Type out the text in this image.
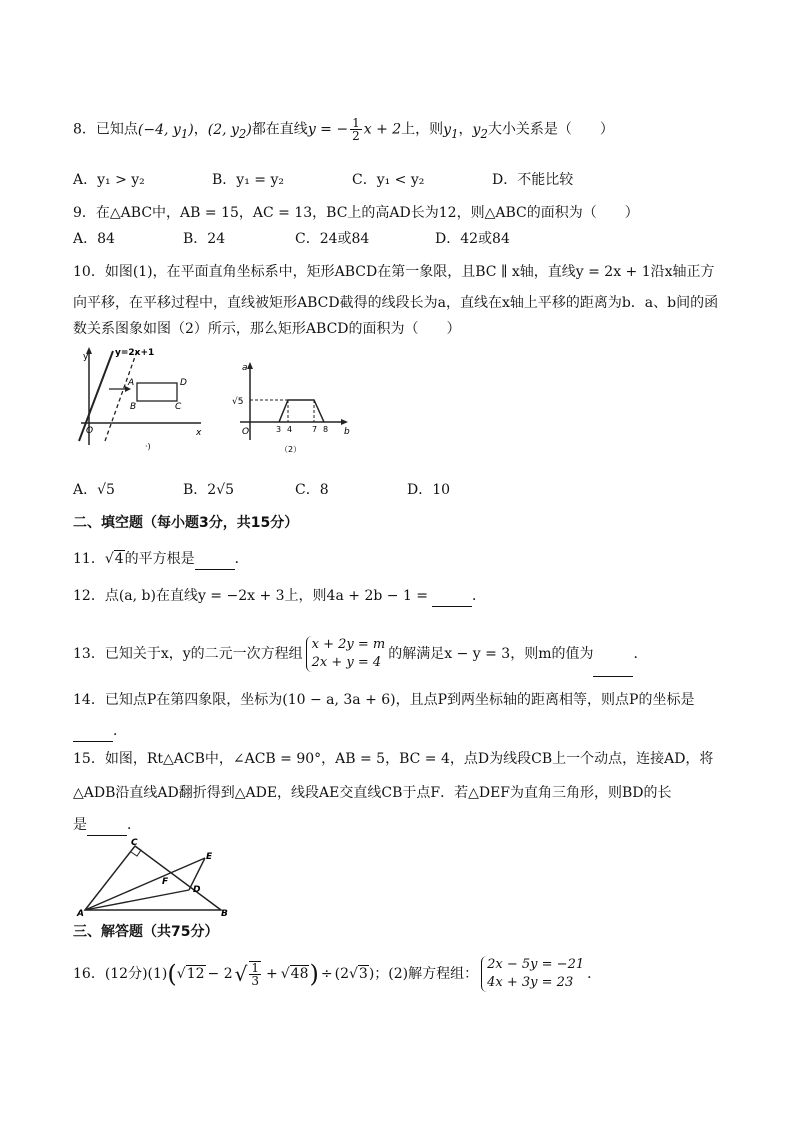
8．已知点(−4, $y_1$)，(2, $y_2$)都在直线y = − $\frac{1}{2}$ x + 2上，则$y_1$，$y_2$大小关系是（　　）
A．y₁ > y₂	B．y₁ = y₂	C．y₁ < y₂	D．不能比较
9．在△ABC中，AB = 15，AC = 13，BC上的高AD长为12，则△ABC的面积为（　　）
A．84	B．24	C．24或84	D．42或84
10．如图(1)，在平面直角坐标系中，矩形ABCD在第一象限，且BC ∥ x轴，直线y = 2x + 1沿x轴正方
向平移，在平移过程中，直线被矩形ABCD截得的线段长为a，直线在x轴上平移的距离为b．a、b间的函
数关系图象如图（2）所示，那么矩形ABCD的面积为（　　）
y=2x+1
y
A	D
B	C
O	x
·)
a
√5
O	3 4 7 8 b
（2）
A．√5	B．2√5	C．8	D．10
二、填空题（每小题3分，共15分）
11．√4的平方根是	．
12．点(a, b)在直线y = −2x + 3上，则4a + 2b − 1 =	．
13．已知关于x，y的二元一次方程组
x + 2y = m
2x + y = 4
的解满足x − y = 3，则m的值为	．
14．已知点P在第四象限，坐标为(10 − a, 3a + 6)，且点P到两坐标轴的距离相等，则点P的坐标是
．
15．如图，Rt△ACB中，∠ACB = 90°，AB = 5，BC = 4，点D为线段CB上一个动点，连接AD，将
△ADB沿直线AD翻折得到△ADE，线段AE交直线CB于点F．若△DEF为直角三角形，则BD的长
是	．
C
E
F
D
A	B
三、解答题（共75分）
16．(12分)(1)(√12 − 2 √ $\frac{1}{3} + √48) \div (2√3)$；(2)解方程组：
2x − 5y = −21
4x + 3y = 23
．
